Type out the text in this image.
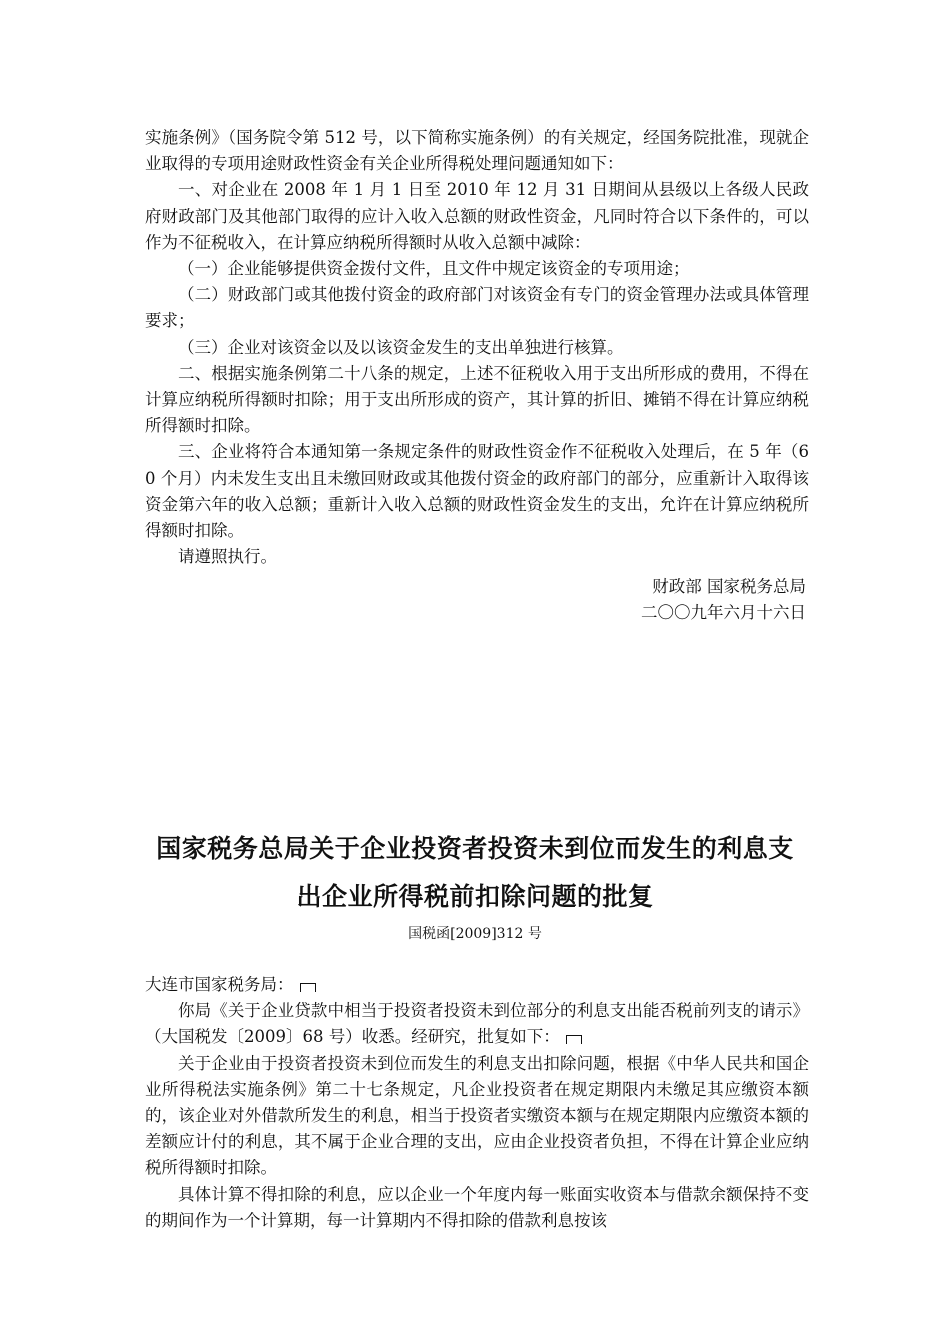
实施条例》（国务院令第 512 号，以下简称实施条例）的有关规定，经国务院批准，现就企业取得的专项用途财政性资金有关企业所得税处理问题通知如下：

一、对企业在 2008 年 1 月 1 日至 2010 年 12 月 31 日期间从县级以上各级人民政府财政部门及其他部门取得的应计入收入总额的财政性资金，凡同时符合以下条件的，可以作为不征税收入，在计算应纳税所得额时从收入总额中减除：

（一）企业能够提供资金拨付文件，且文件中规定该资金的专项用途；

（二）财政部门或其他拨付资金的政府部门对该资金有专门的资金管理办法或具体管理要求；

（三）企业对该资金以及以该资金发生的支出单独进行核算。

二、根据实施条例第二十八条的规定，上述不征税收入用于支出所形成的费用，不得在计算应纳税所得额时扣除；用于支出所形成的资产，其计算的折旧、摊销不得在计算应纳税所得额时扣除。

三、企业将符合本通知第一条规定条件的财政性资金作不征税收入处理后，在 5 年（60 个月）内未发生支出且未缴回财政或其他拨付资金的政府部门的部分，应重新计入取得该资金第六年的收入总额；重新计入收入总额的财政性资金发生的支出，允许在计算应纳税所得额时扣除。

请遵照执行。

财政部 国家税务总局
二〇〇九年六月十六日
国家税务总局关于企业投资者投资未到位而发生的利息支
出企业所得税前扣除问题的批复
国税函[2009]312 号

大连市国家税务局：

你局《关于企业贷款中相当于投资者投资未到位部分的利息支出能否税前列支的请示》（大国税发〔2009〕68 号）收悉。经研究，批复如下：

关于企业由于投资者投资未到位而发生的利息支出扣除问题，根据《中华人民共和国企业所得税法实施条例》第二十七条规定，凡企业投资者在规定期限内未缴足其应缴资本额的，该企业对外借款所发生的利息，相当于投资者实缴资本额与在规定期限内应缴资本额的差额应计付的利息，其不属于企业合理的支出，应由企业投资者负担，不得在计算企业应纳税所得额时扣除。

具体计算不得扣除的利息，应以企业一个年度内每一账面实收资本与借款余额保持不变的期间作为一个计算期，每一计算期内不得扣除的借款利息按该
